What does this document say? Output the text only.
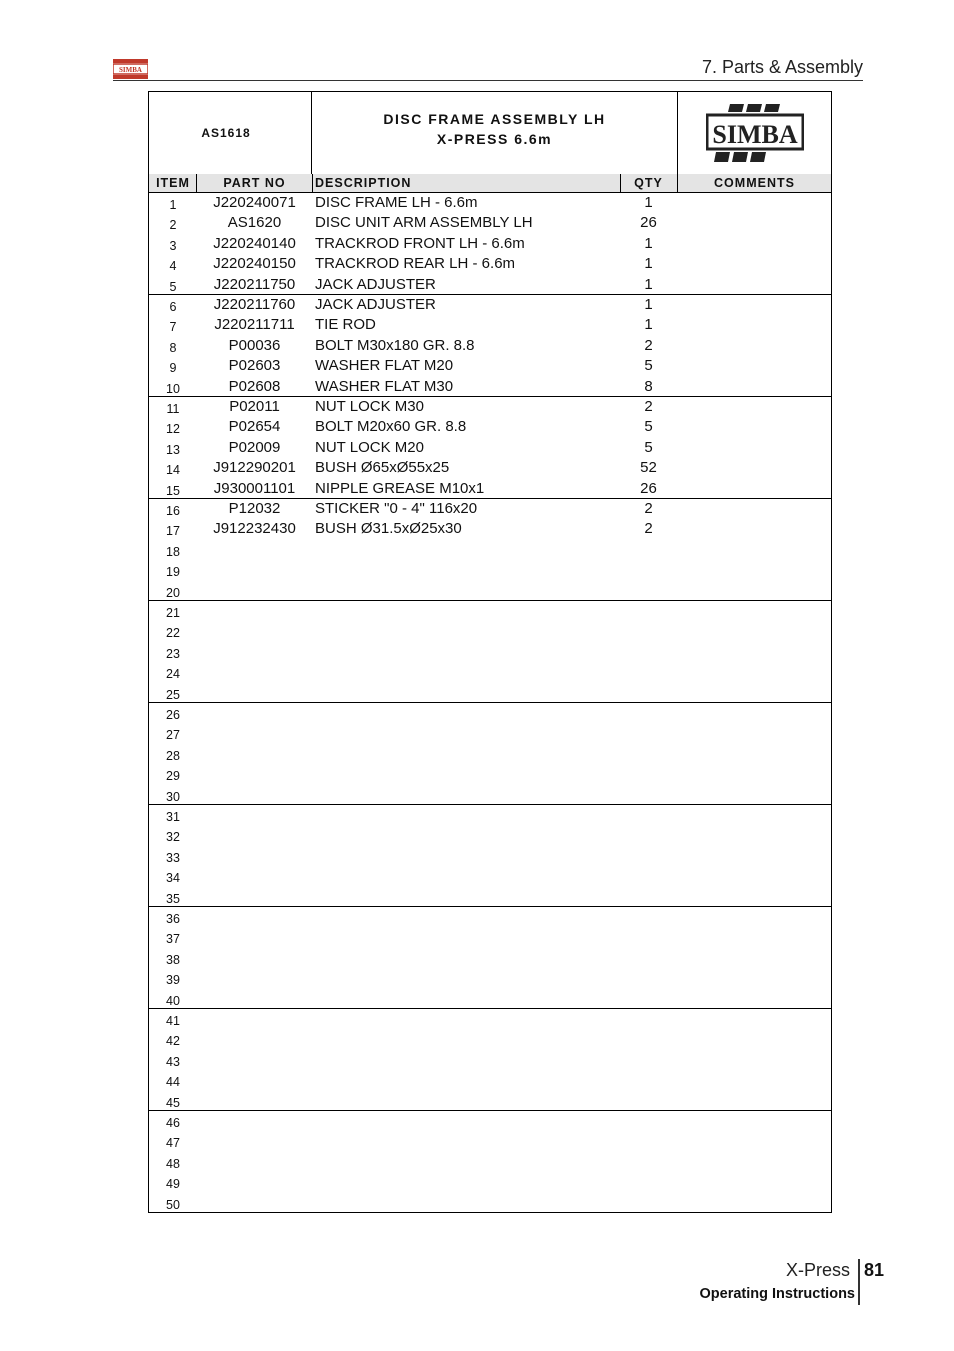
SIMBA	7. Parts & Assembly
AS1618
DISC FRAME ASSEMBLY LH
X-PRESS 6.6m	SIMBA
ITEM	PART NO	DESCRIPTION	QTY	COMMENTS
1	J220240071	DISC FRAME LH - 6.6m	1
2	AS1620	DISC UNIT ARM ASSEMBLY LH	26
3	J220240140	TRACKROD FRONT LH - 6.6m	1
4	J220240150	TRACKROD REAR LH - 6.6m	1
5	J220211750	JACK ADJUSTER	1
6	J220211760	JACK ADJUSTER	1
7	J220211711	TIE ROD	1
8	P00036	BOLT M30x180 GR. 8.8	2
9	P02603	WASHER FLAT M20	5
10	P02608	WASHER FLAT M30	8
11	P02011	NUT LOCK M30	2
12	P02654	BOLT M20x60 GR. 8.8	5
13	P02009	NUT LOCK M20	5
14	J912290201	BUSH Ø65xØ55x25	52
15	J930001101	NIPPLE GREASE M10x1	26
16	P12032	STICKER "0 - 4" 116x20	2
17	J912232430	BUSH Ø31.5xØ25x30	2
18
19
20
21
22
23
24
25
26
27
28
29
30
31
32
33
34
35
36
37
38
39
40
41
42
43
44
45
46
47
48
49
50
X-Press 81
Operating Instructions
